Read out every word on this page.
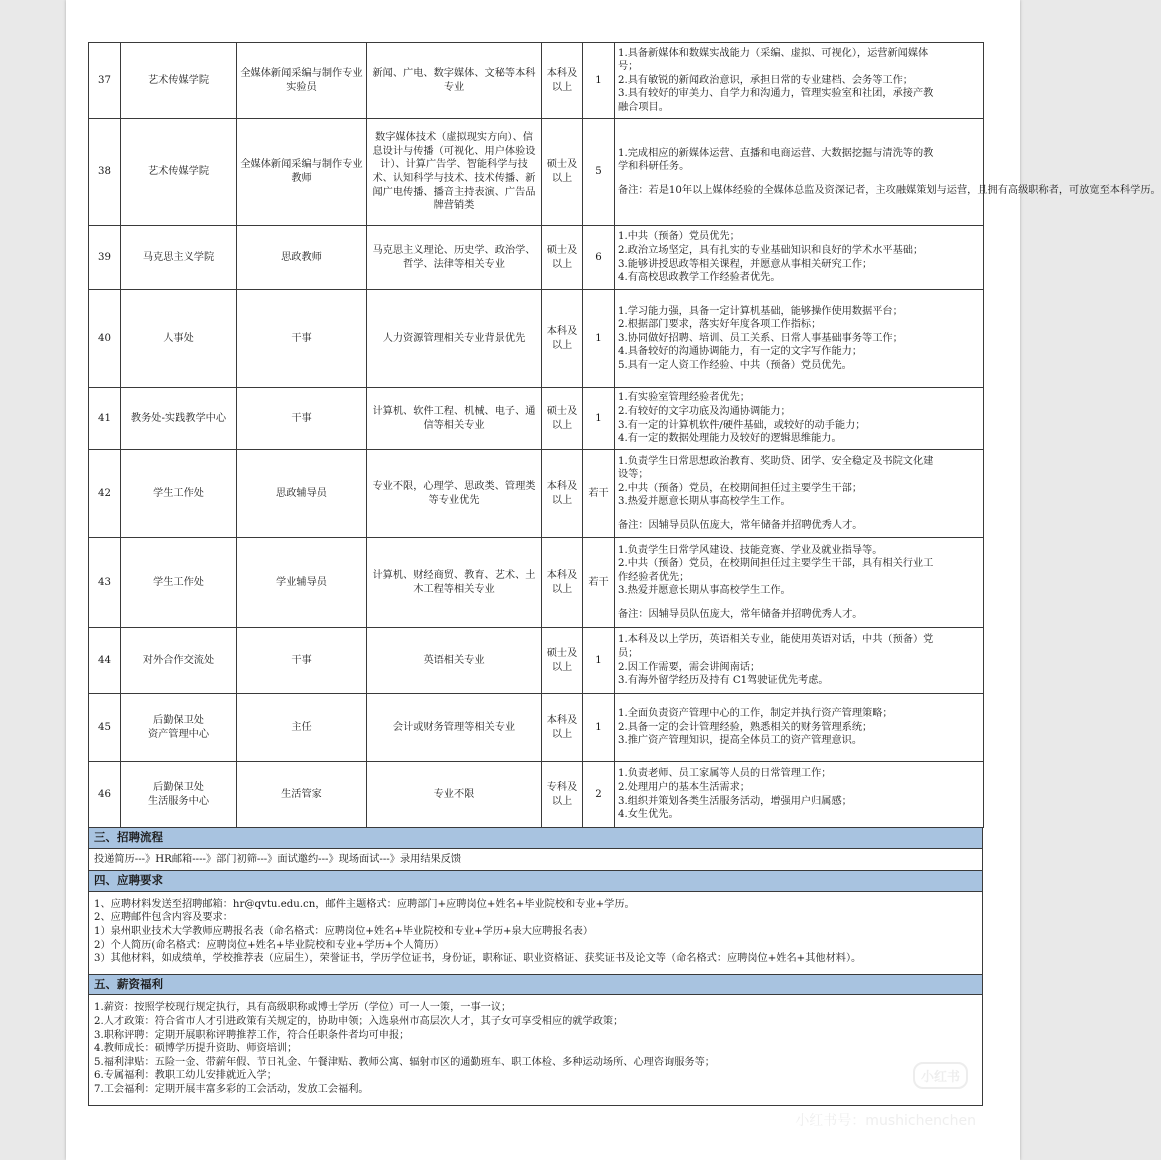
37	艺术传媒学院	全媒体新闻采编与制作专业实验员	新闻、广电、数字媒体、文秘等本科专业	本科及以上	1	1.具备新媒体和数媒实战能力（采编、虚拟、可视化），运营新闻媒体
号；
2.具有敏锐的新闻政治意识，承担日常的专业建档、会务等工作；
3.具有较好的审美力、自学力和沟通力，管理实验室和社团，承接产教
融合项目。

38	艺术传媒学院	全媒体新闻采编与制作专业教师	数字媒体技术（虚拟现实方向）、信息设计与传播（可视化、用户体验设计）、计算广告学、智能科学与技术、认知科学与技术、技术传播、新闻广电传播、播音主持表演、广告品牌营销类	硕士及以上	5	1.完成相应的新媒体运营、直播和电商运营、大数据挖掘与清洗等的教
学和科研任务。
备注：若是10年以上媒体经验的全媒体总监及资深记者，主攻融媒策划与运营，且拥有高级职称者，可放宽至本科学历。

39	马克思主义学院	思政教师	马克思主义理论、历史学、政治学、哲学、法律等相关专业	硕士及以上	6	1.中共（预备）党员优先；
2.政治立场坚定，具有扎实的专业基础知识和良好的学术水平基础；
3.能够讲授思政等相关课程，并愿意从事相关研究工作；
4.有高校思政教学工作经验者优先。

40	人事处	干事	人力资源管理相关专业背景优先	本科及以上	1	1.学习能力强，具备一定计算机基础，能够操作使用数据平台；
2.根据部门要求，落实好年度各项工作指标；
3.协同做好招聘、培训、员工关系、日常人事基础事务等工作；
4.具备较好的沟通协调能力，有一定的文字写作能力；
5.具有一定人资工作经验、中共（预备）党员优先。

41	教务处-实践教学中心	干事	计算机、软件工程、机械、电子、通信等相关专业	硕士及以上	1	1.有实验室管理经验者优先；
2.有较好的文字功底及沟通协调能力；
3.有一定的计算机软件/硬件基础，或较好的动手能力；
4.有一定的数据处理能力及较好的逻辑思维能力。

42	学生工作处	思政辅导员	专业不限，心理学、思政类、管理类等专业优先	本科及以上	若干	1.负责学生日常思想政治教育、奖助贷、团学、安全稳定及书院文化建
设等；
2.中共（预备）党员，在校期间担任过主要学生干部；
3.热爱并愿意长期从事高校学生工作。
备注：因辅导员队伍庞大，常年储备并招聘优秀人才。

43	学生工作处	学业辅导员	计算机、财经商贸、教育、艺术、土木工程等相关专业	本科及以上	若干	1.负责学生日常学风建设、技能竞赛、学业及就业指导等。
2.中共（预备）党员，在校期间担任过主要学生干部，具有相关行业工
作经验者优先；
3.热爱并愿意长期从事高校学生工作。
备注：因辅导员队伍庞大，常年储备并招聘优秀人才。

44	对外合作交流处	干事	英语相关专业	硕士及以上	1	1.本科及以上学历，英语相关专业，能使用英语对话，中共（预备）党
员；
2.因工作需要，需会讲闽南话；
3.有海外留学经历及持有 C1驾驶证优先考虑。

45	后勤保卫处
资产管理中心	主任	会计或财务管理等相关专业	本科及以上	1	1.全面负责资产管理中心的工作，制定并执行资产管理策略；
2.具备一定的会计管理经验，熟悉相关的财务管理系统；
3.推广资产管理知识，提高全体员工的资产管理意识。

46	后勤保卫处
生活服务中心	生活管家	专业不限	专科及以上	2	1.负责老师、员工家属等人员的日常管理工作；
2.处理用户的基本生活需求；
3.组织并策划各类生活服务活动，增强用户归属感；
4.女生优先。
三、招聘流程
投递简历---》HR邮箱----》部门初筛---》面试邀约---》现场面试---》录用结果反馈
四、应聘要求
1、应聘材料发送至招聘邮箱：hr@qvtu.edu.cn，邮件主题格式：应聘部门+应聘岗位+姓名+毕业院校和专业+学历。
2、应聘邮件包含内容及要求：
1）泉州职业技术大学教师应聘报名表（命名格式：应聘岗位+姓名+毕业院校和专业+学历+泉大应聘报名表）
2）个人简历(命名格式：应聘岗位+姓名+毕业院校和专业+学历+个人简历）
3）其他材料，如成绩单，学校推荐表（应届生），荣誉证书，学历学位证书，身份证，职称证、职业资格证、获奖证书及论文等（命名格式：应聘岗位+姓名+其他材料）。
五、薪资福利
1.薪资：按照学校现行规定执行，具有高级职称或博士学历（学位）可一人一策，一事一议；
2.人才政策：符合省市人才引进政策有关规定的，协助申领；入选泉州市高层次人才，其子女可享受相应的就学政策；
3.职称评聘：定期开展职称评聘推荐工作，符合任职条件者均可申报；
4.教师成长：硕博学历提升资助、师资培训；
5.福利津贴：五险一金、带薪年假、节日礼金、午餐津贴、教师公寓、辐射市区的通勤班车、职工体检、多种运动场所、心理咨询服务等；
6.专属福利：教职工幼儿安排就近入学；
7.工会福利：定期开展丰富多彩的工会活动，发放工会福利。
小红书
小红书号：mushichenchen
